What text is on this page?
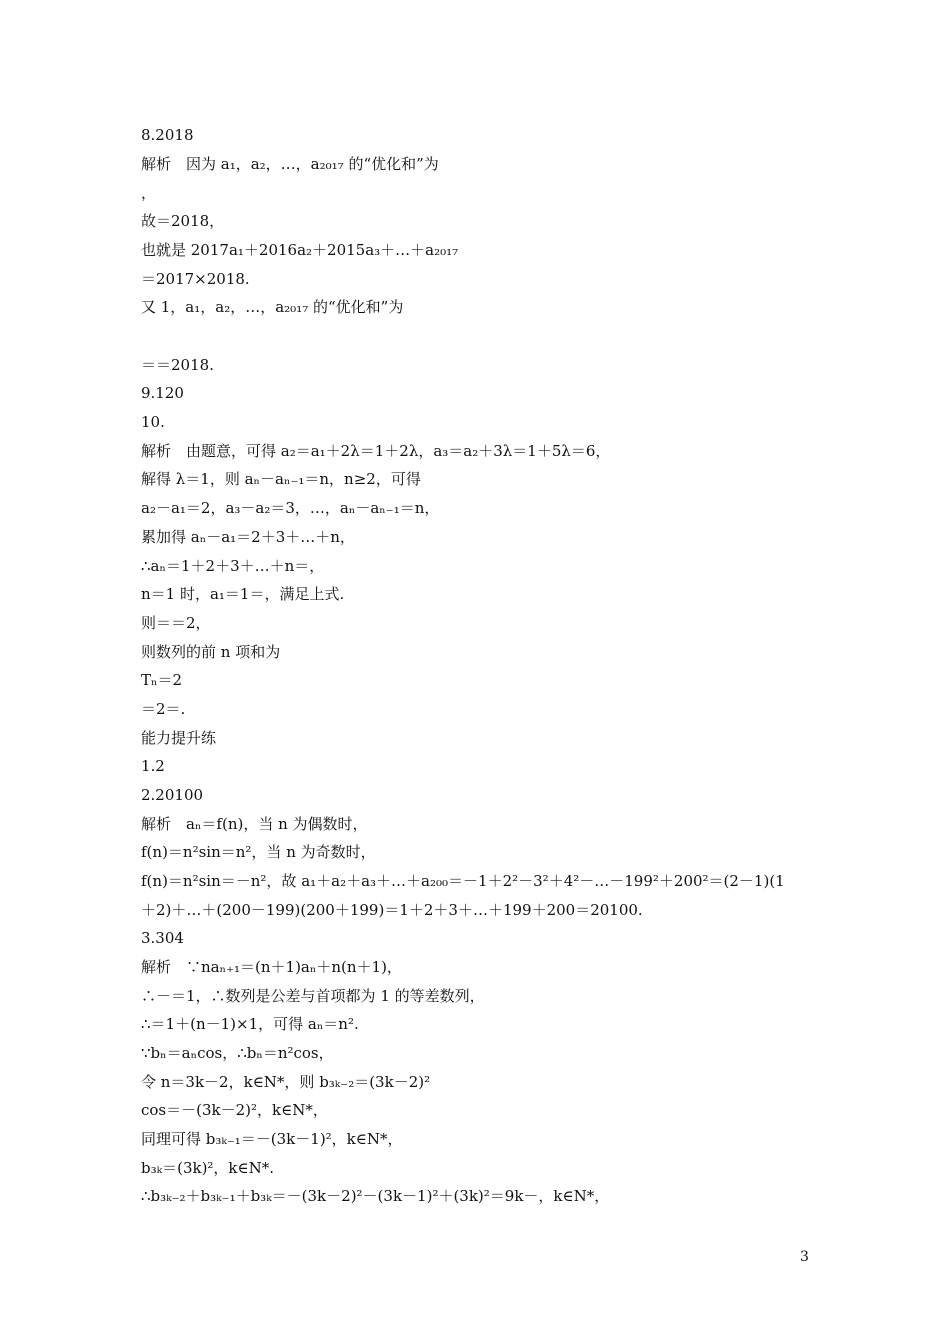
8.2018
解析　因为 a₁，a₂，…，a₂₀₁₇ 的“优化和”为
，
故＝2018，
也就是 2017a₁＋2016a₂＋2015a₃＋…＋a₂₀₁₇
＝2017×2018.
又 1，a₁，a₂，…，a₂₀₁₇ 的“优化和”为
＝＝2018.
9.120
10.
解析　由题意，可得 a₂＝a₁＋2λ＝1＋2λ，a₃＝a₂＋3λ＝1＋5λ＝6，
解得 λ＝1，则 aₙ－aₙ₋₁＝n，n≥2，可得
a₂－a₁＝2，a₃－a₂＝3，…，aₙ－aₙ₋₁＝n，
累加得 aₙ－a₁＝2＋3＋…＋n，
∴aₙ＝1＋2＋3＋…＋n＝，
n＝1 时，a₁＝1＝，满足上式.
则＝＝2，
则数列的前 n 项和为
Tₙ＝2
＝2＝.
能力提升练
1.2
2.20100
解析　aₙ＝f(n)，当 n 为偶数时，
f(n)＝n²sin＝n²，当 n 为奇数时，
f(n)＝n²sin＝－n²，故 a₁＋a₂＋a₃＋…＋a₂₀₀＝－1＋2²－3²＋4²－…－199²＋200²＝(2－1)(1
＋2)＋…＋(200－199)(200＋199)＝1＋2＋3＋…＋199＋200＝20100.
3.304
解析　∵naₙ₊₁＝(n＋1)aₙ＋n(n＋1)，
∴－＝1，∴数列是公差与首项都为 1 的等差数列，
∴＝1＋(n－1)×1，可得 aₙ＝n².
∵bₙ＝aₙcos，∴bₙ＝n²cos，
令 n＝3k－2，k∈N*，则 b₃ₖ₋₂＝(3k－2)²
cos＝－(3k－2)²，k∈N*，
同理可得 b₃ₖ₋₁＝－(3k－1)²，k∈N*，
b₃ₖ＝(3k)²，k∈N*.
∴b₃ₖ₋₂＋b₃ₖ₋₁＋b₃ₖ＝－(3k－2)²－(3k－1)²＋(3k)²＝9k－，k∈N*，
3
